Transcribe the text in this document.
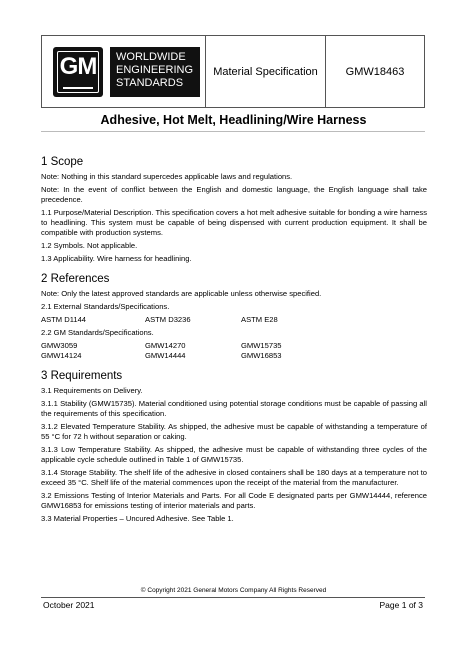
GM WORLDWIDE
ENGINEERING
STANDARDS
Material Specification	GMW18463
Adhesive, Hot Melt, Headlining/Wire Harness
1 Scope

Note: Nothing in this standard supercedes applicable laws and regulations.

Note: In the event of conflict between the English and domestic language, the English language shall take precedence.

1.1 Purpose/Material Description. This specification covers a hot melt adhesive suitable for bonding a wire harness to headlining. This system must be capable of being dispensed with current production equipment. It shall be compatible with production systems.

1.2 Symbols. Not applicable.

1.3 Applicability. Wire harness for headlining.

2 References

Note: Only the latest approved standards are applicable unless otherwise specified.

2.1 External Standards/Specifications.

ASTM D1144	ASTM D3236	ASTM E28

2.2 GM Standards/Specifications.

GMW3059	GMW14270	GMW15735
GMW14124	GMW14444	GMW16853
3 Requirements

3.1 Requirements on Delivery.

3.1.1 Stability (GMW15735). Material conditioned using potential storage conditions must be capable of passing all the requirements of this specification.

3.1.2 Elevated Temperature Stability. As shipped, the adhesive must be capable of withstanding a temperature of 55 °C for 72 h without separation or caking.

3.1.3 Low Temperature Stability. As shipped, the adhesive must be capable of withstanding three cycles of the applicable cycle schedule outlined in Table 1 of GMW15735.

3.1.4 Storage Stability. The shelf life of the adhesive in closed containers shall be 180 days at a temperature not to exceed 35 °C. Shelf life of the material commences upon the receipt of the material from the manufacturer.

3.2 Emissions Testing of Interior Materials and Parts. For all Code E designated parts per GMW14444, reference GMW16853 for emissions testing of interior materials and parts.

3.3 Material Properties – Uncured Adhesive. See Table 1.

© Copyright 2021 General Motors Company All Rights Reserved
October 2021	Page 1 of 3
